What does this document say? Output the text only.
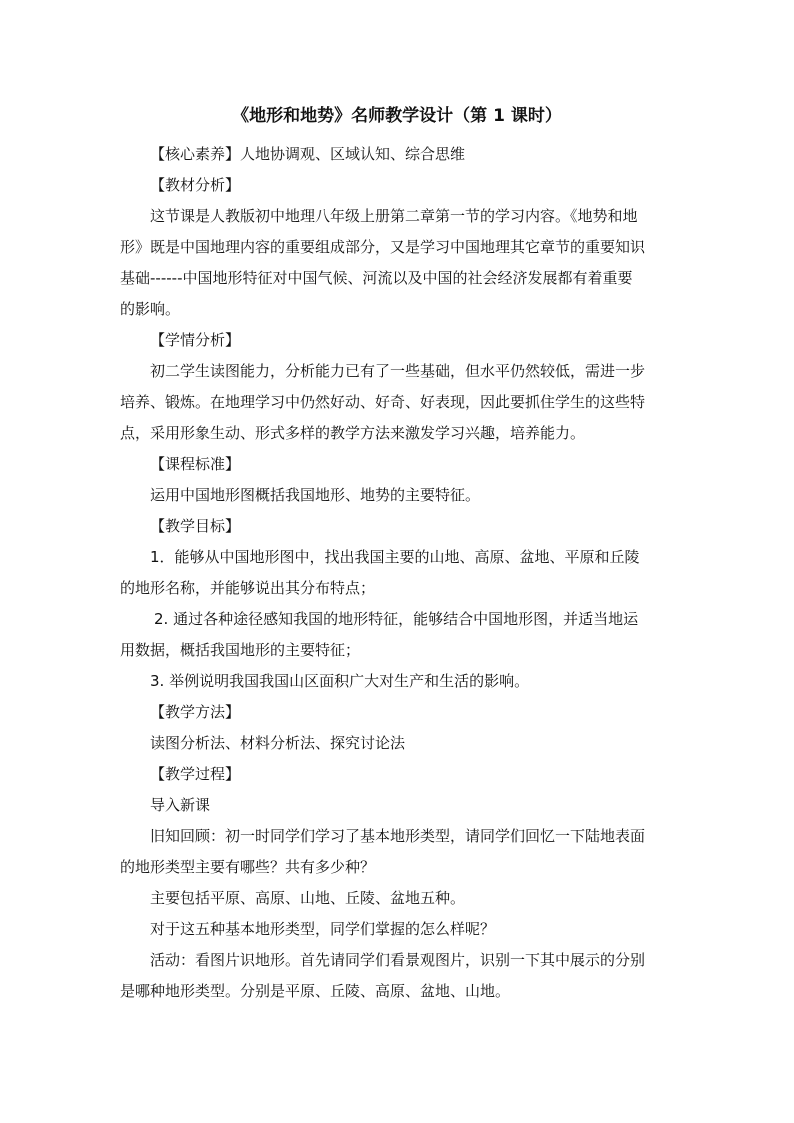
《地形和地势》名师教学设计（第 1 课时）
【核心素养】人地协调观、区域认知、综合思维
【教材分析】
这节课是人教版初中地理八年级上册第二章第一节的学习内容。《地势和地
形》既是中国地理内容的重要组成部分，又是学习中国地理其它章节的重要知识
基础------中国地形特征对中国气候、河流以及中国的社会经济发展都有着重要
的影响。
【学情分析】
初二学生读图能力，分析能力已有了一些基础，但水平仍然较低，需进一步
培养、锻炼。在地理学习中仍然好动、好奇、好表现，因此要抓住学生的这些特
点，采用形象生动、形式多样的教学方法来激发学习兴趣，培养能力。
【课程标准】
运用中国地形图概括我国地形、地势的主要特征。
【教学目标】
1．能够从中国地形图中，找出我国主要的山地、高原、盆地、平原和丘陵
的地形名称，并能够说出其分布特点；
2. 通过各种途径感知我国的地形特征，能够结合中国地形图，并适当地运
用数据，概括我国地形的主要特征；
3. 举例说明我国我国山区面积广大对生产和生活的影响。
【教学方法】
读图分析法、材料分析法、探究讨论法
【教学过程】
导入新课
旧知回顾：初一时同学们学习了基本地形类型，请同学们回忆一下陆地表面
的地形类型主要有哪些？共有多少种？
主要包括平原、高原、山地、丘陵、盆地五种。
对于这五种基本地形类型，同学们掌握的怎么样呢？
活动：看图片识地形。首先请同学们看景观图片，识别一下其中展示的分别
是哪种地形类型。分别是平原、丘陵、高原、盆地、山地。
